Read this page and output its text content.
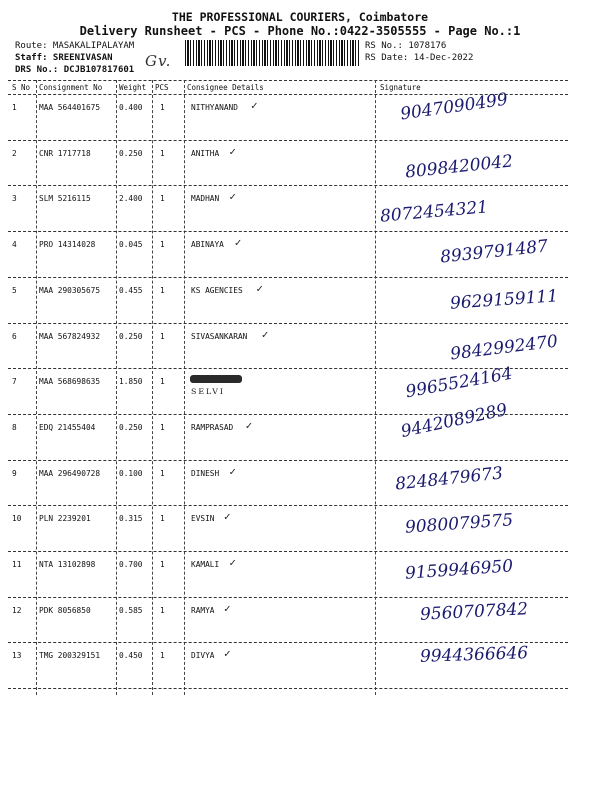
THE PROFESSIONAL COURIERS, Coimbatore
Delivery Runsheet - PCS - Phone No.:0422-3505555 - Page No.:1
Route: MASAKALIPALAYAM
Staff: SREENIVASAN
DRS No.: DCJB107817601 Gv.
RS No.: 1078176
RS Date: 14-Dec-2022
S No Consignment No Weight PCS Consignee Details	Signature
1	MAA 564401675 0.400 1	NITHYANAND	9047090499
✓
2	CNR 1717718	0.250 1	ANITHA	8098420042
✓
3	SLM 5216115	2.400 1	MADHAN	8072454321
✓
4	PRO 14314028	0.045 1	ABINAYA	8939791487
✓
5	MAA 290305675 0.455 1	KS AGENCIES	9629159111
✓
6	MAA 567824932 0.250 1	SIVASANKARAN	9842992470
✓
7	MAA 568698635 1.850 1
SELVI	9965524164
8	EDQ 21455404	0.250 1	RAMPRASAD	9442089289
✓
9	MAA 296490728 0.100 1	DINESH	8248479673
✓
10 PLN 2239201	0.315 1	EVSIN	9080079575
✓
11 NTA 13102898	0.700 1	KAMALI	9159946950
✓
12 PDK 8056850	0.585 1	RAMYA	9560707842
✓
13 TMG 200329151 0.450 1	DIVYA	9944366646
✓
